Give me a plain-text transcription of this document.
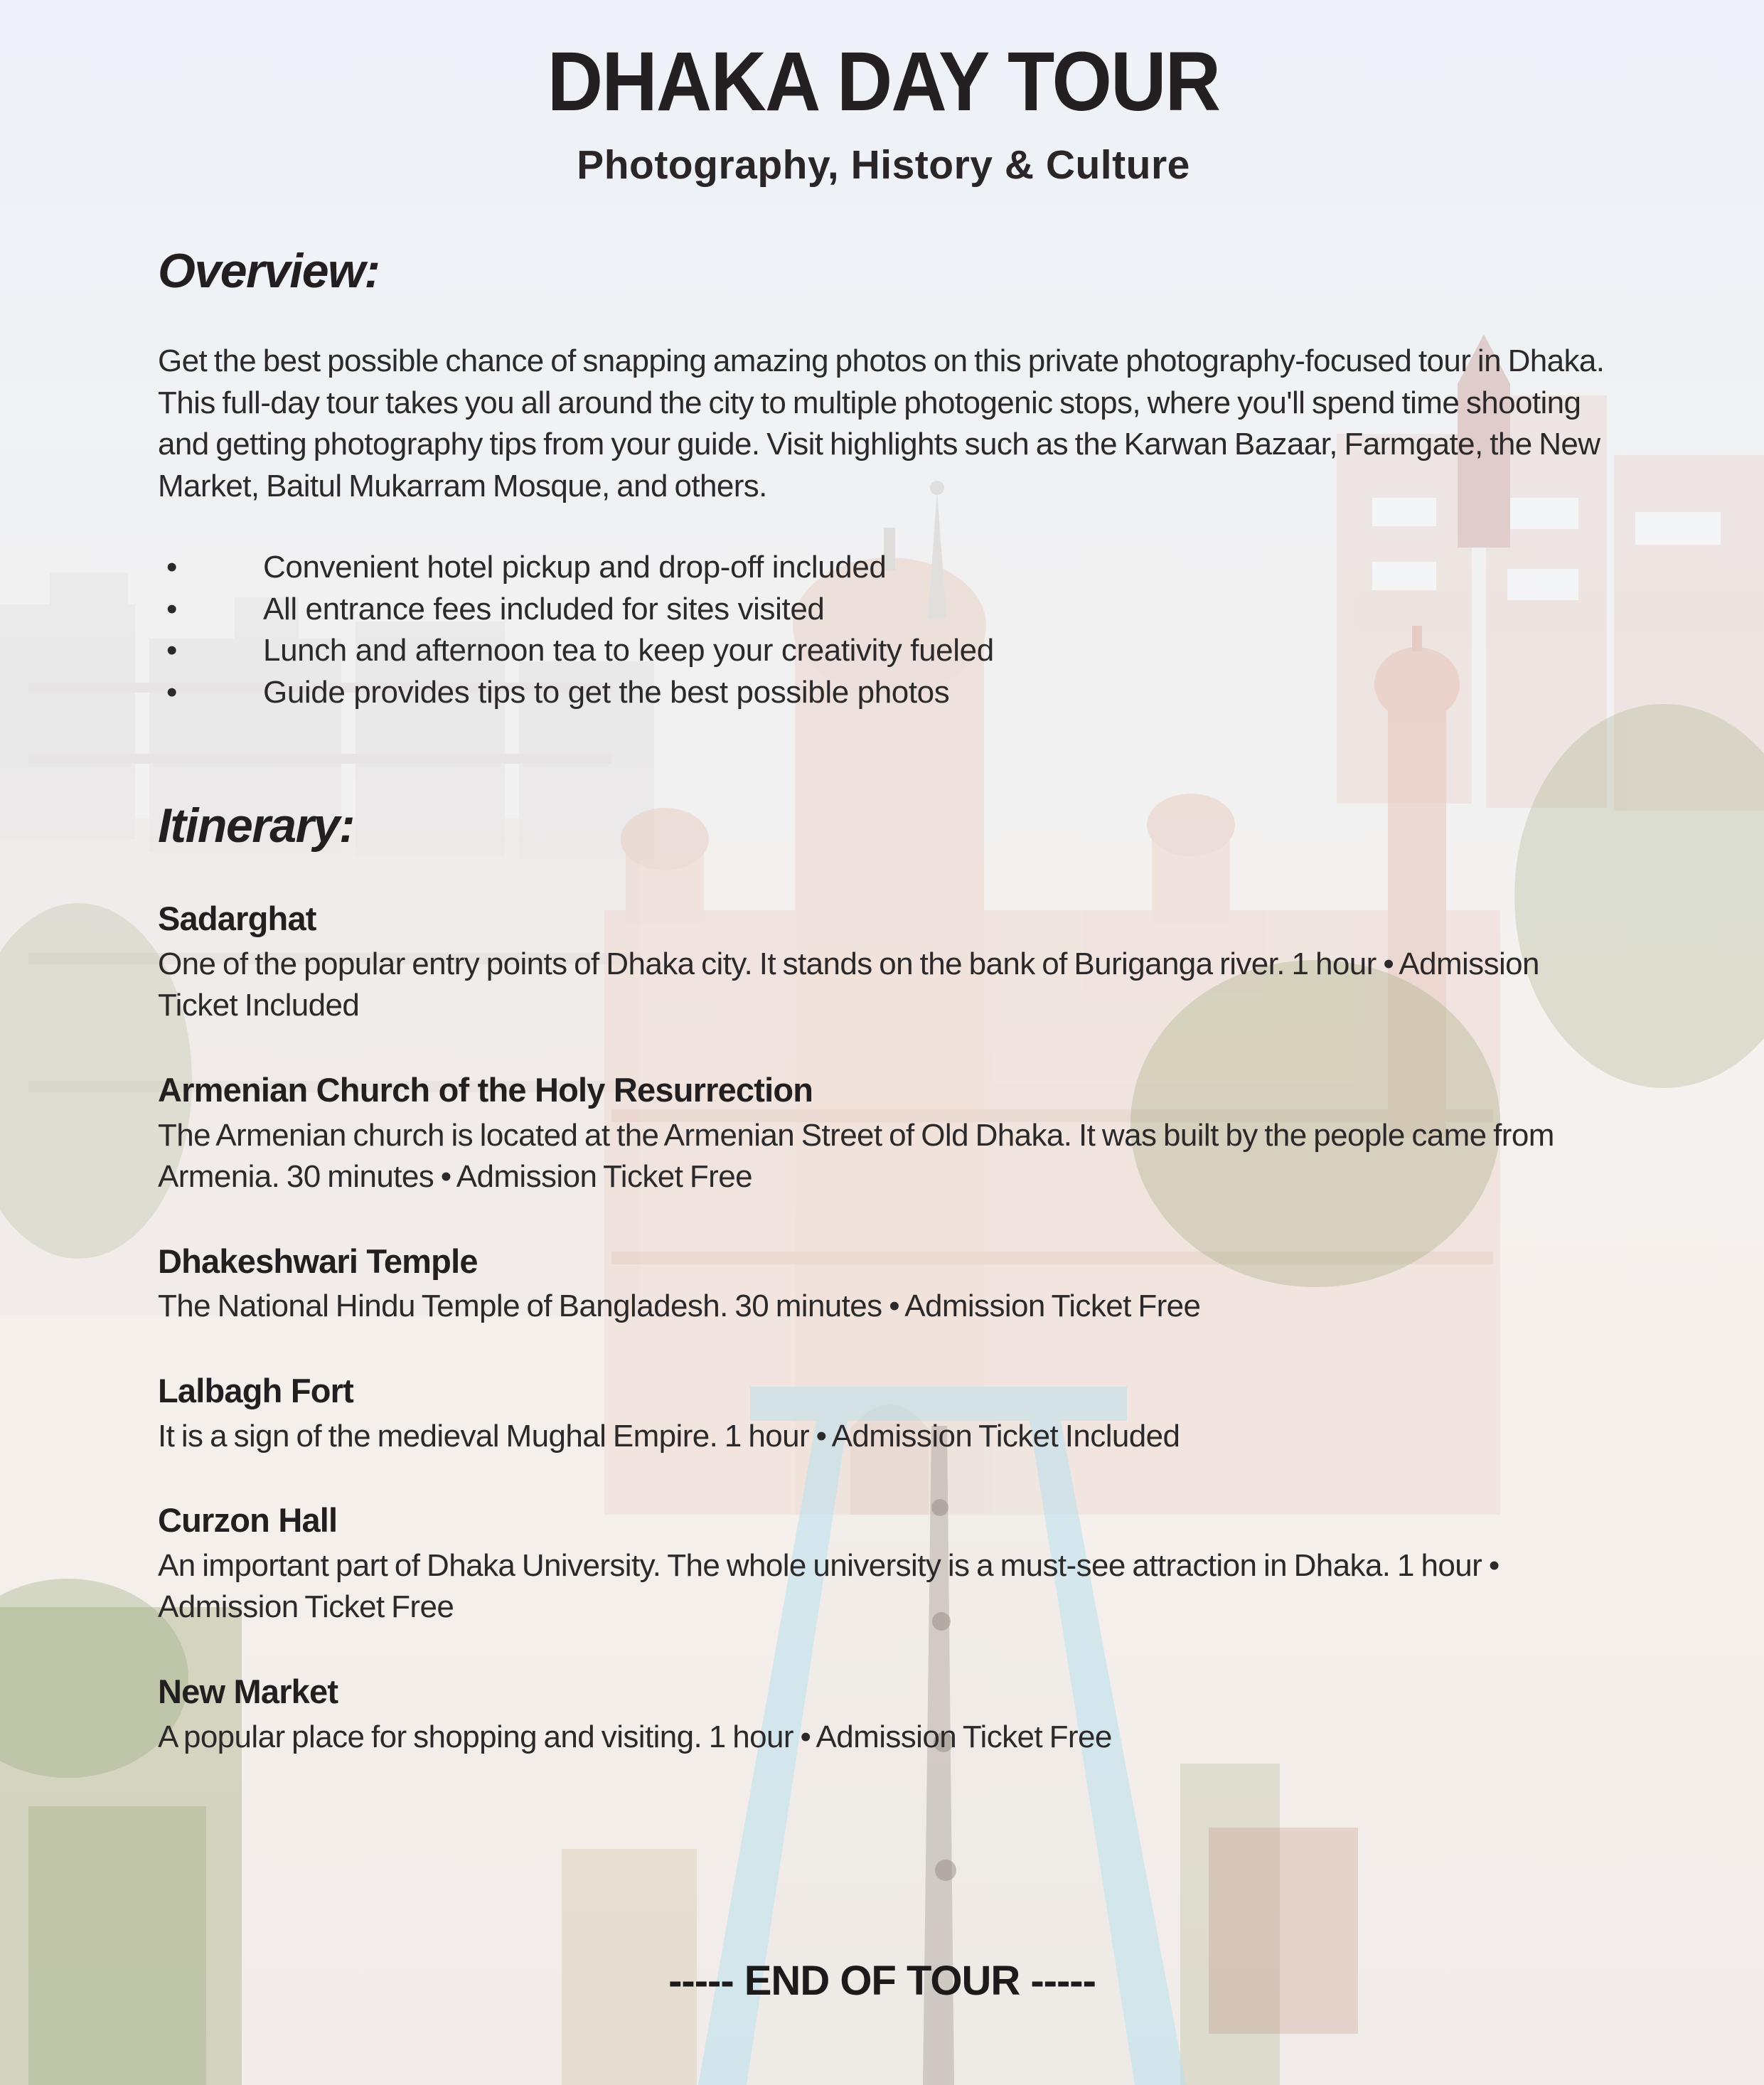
DHAKA DAY TOUR
Photography, History & Culture
Overview:

Get the best possible chance of snapping amazing photos on this private photography-focused tour in Dhaka. This full-day tour takes you all around the city to multiple photogenic stops, where you'll spend time shooting and getting photography tips from your guide. Visit highlights such as the Karwan Bazaar, Farmgate, the New Market, Baitul Mukarram Mosque, and others.

•	Convenient hotel pickup and drop-off included
•	All entrance fees included for sites visited
•	Lunch and afternoon tea to keep your creativity fueled
•	Guide provides tips to get the best possible photos
Itinerary:
Sadarghat
One of the popular entry points of Dhaka city. It stands on the bank of Buriganga river. 1 hour • Admission Ticket Included
Armenian Church of the Holy Resurrection
The Armenian church is located at the Armenian Street of Old Dhaka. It was built by the people came from Armenia. 30 minutes • Admission Ticket Free
Dhakeshwari Temple
The National Hindu Temple of Bangladesh. 30 minutes • Admission Ticket Free
Lalbagh Fort
It is a sign of the medieval Mughal Empire. 1 hour • Admission Ticket Included
Curzon Hall
An important part of Dhaka University. The whole university is a must-see attraction in Dhaka. 1 hour • Admission Ticket Free
New Market
A popular place for shopping and visiting. 1 hour • Admission Ticket Free
----- END OF TOUR -----
